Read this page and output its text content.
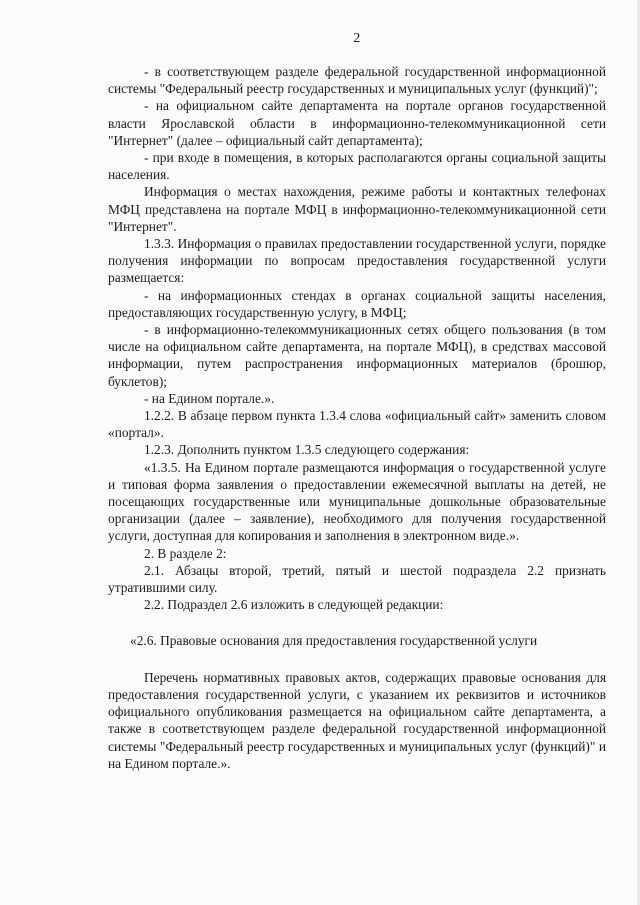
2

- в соответствующем разделе федеральной государственной информационной системы "Федеральный реестр государственных и муниципальных услуг (функций)";

- на официальном сайте департамента на портале органов государственной власти Ярославской области в информационно-телекоммуникационной сети "Интернет" (далее – официальный сайт департамента);

- при входе в помещения, в которых располагаются органы социальной защиты населения.

Информация о местах нахождения, режиме работы и контактных телефонах МФЦ представлена на портале МФЦ в информационно-телекоммуникационной сети "Интернет".

1.3.3. Информация о правилах предоставлении государственной услуги, порядке получения информации по вопросам предоставления государственной услуги размещается:

- на информационных стендах в органах социальной защиты населения, предоставляющих государственную услугу, в МФЦ;

- в информационно-телекоммуникационных сетях общего пользования (в том числе на официальном сайте департамента, на портале МФЦ), в средствах массовой информации, путем распространения информационных материалов (брошюр, буклетов);

- на Едином портале.».

1.2.2. В абзаце первом пункта 1.3.4 слова «официальный сайт» заменить словом «портал».

1.2.3. Дополнить пунктом 1.3.5 следующего содержания:

«1.3.5. На Едином портале размещаются информация о государственной услуге и типовая форма заявления о предоставлении ежемесячной выплаты на детей, не посещающих государственные или муниципальные дошкольные образовательные организации (далее – заявление), необходимого для получения государственной услуги, доступная для копирования и заполнения в электронном виде.».

2. В разделе 2:

2.1. Абзацы второй, третий, пятый и шестой подраздела 2.2 признать утратившими силу.

2.2. Подраздел 2.6 изложить в следующей редакции:

«2.6. Правовые основания для предоставления государственной услуги

Перечень нормативных правовых актов, содержащих правовые основания для предоставления государственной услуги, с указанием их реквизитов и источников официального опубликования размещается на официальном сайте департамента, а также в соответствующем разделе федеральной государственной информационной системы "Федеральный реестр государственных и муниципальных услуг (функций)" и на Едином портале.».
